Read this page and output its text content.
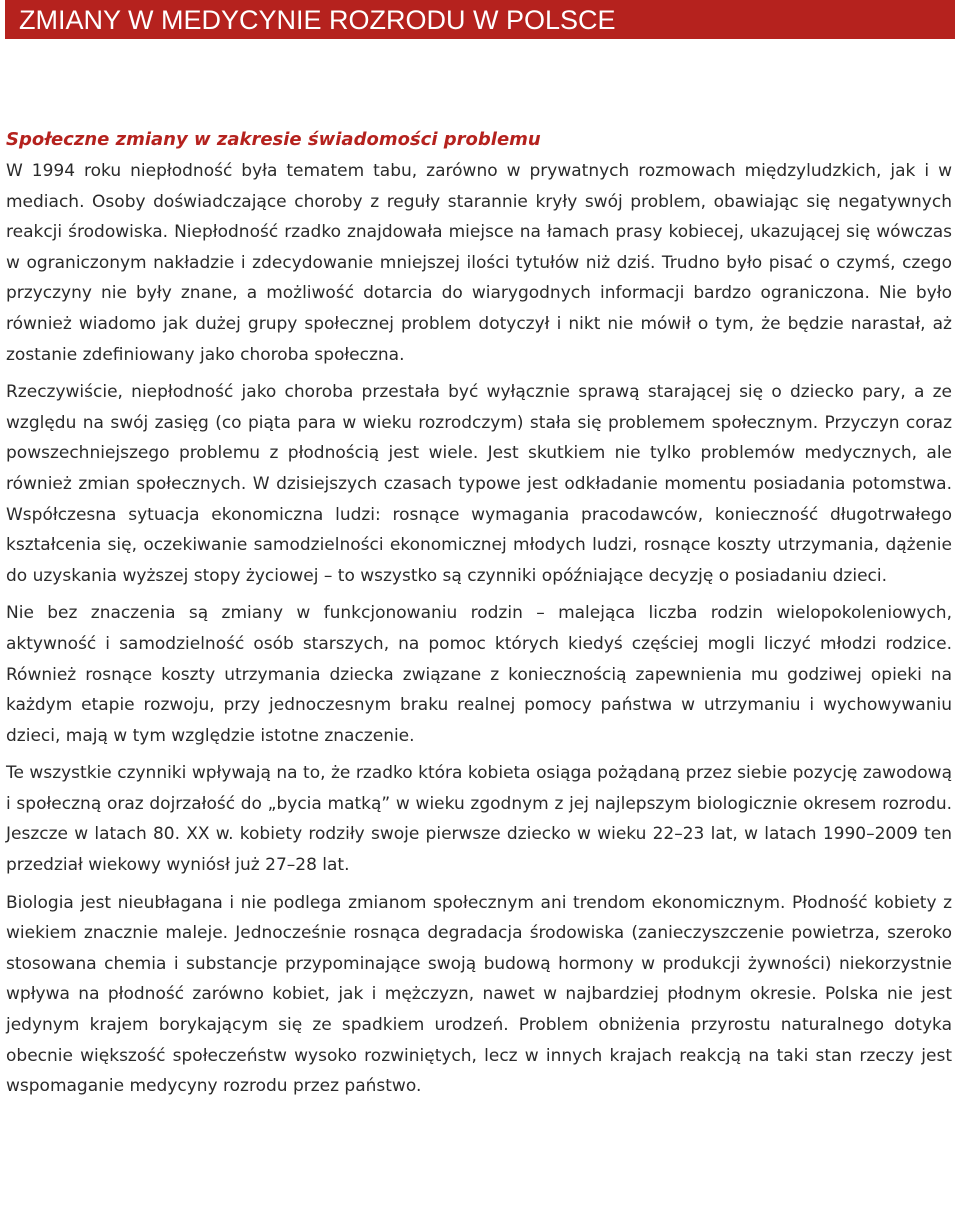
ZMIANY W MEDYCYNIE ROZRODU W POLSCE
Społeczne zmiany w zakresie świadomości problemu

W 1994 roku niepłodność była tematem tabu, zarówno w prywatnych rozmowach międzyludzkich, jak i w mediach. Osoby doświadczające choroby z reguły starannie kryły swój problem, obawiając się negatywnych reakcji środowiska. Niepłodność rzadko znajdowała miejsce na łamach prasy kobiecej, ukazującej się wówczas w ograniczonym nakładzie i zdecydowanie mniejszej ilości tytułów niż dziś. Trudno było pisać o czymś, czego przyczyny nie były znane, a możliwość dotarcia do wiarygodnych informacji bardzo ograniczona. Nie było również wiadomo jak dużej grupy społecznej problem dotyczył i nikt nie mówił o tym, że będzie narastał, aż zostanie zdefiniowany jako choroba społeczna.

Rzeczywiście, niepłodność jako choroba przestała być wyłącznie sprawą starającej się o dziecko pary, a ze względu na swój zasięg (co piąta para w wieku rozrodczym) stała się problemem społecznym. Przyczyn coraz powszechniejszego problemu z płodnością jest wiele. Jest skutkiem nie tylko problemów medycznych, ale również zmian społecznych. W dzisiejszych czasach typowe jest odkładanie momentu posiadania potomstwa. Współczesna sytuacja ekonomiczna ludzi: rosnące wymagania pracodawców, konieczność długotrwałego kształcenia się, oczekiwanie samodzielności ekonomicznej młodych ludzi, rosnące koszty utrzymania, dążenie do uzyskania wyższej stopy życiowej – to wszystko są czynniki opóźniające decyzję o posiadaniu dzieci.

Nie bez znaczenia są zmiany w funkcjonowaniu rodzin – malejąca liczba rodzin wielopokoleniowych, aktywność i samodzielność osób starszych, na pomoc których kiedyś częściej mogli liczyć młodzi rodzice. Również rosnące koszty utrzymania dziecka związane z koniecznością zapewnienia mu godziwej opieki na każdym etapie rozwoju, przy jednoczesnym braku realnej pomocy państwa w utrzymaniu i wychowywaniu dzieci, mają w tym względzie istotne znaczenie.

Te wszystkie czynniki wpływają na to, że rzadko która kobieta osiąga pożądaną przez siebie pozycję zawodową i społeczną oraz dojrzałość do „bycia matką” w wieku zgodnym z jej najlepszym biologicznie okresem rozrodu. Jeszcze w latach 80. XX w. kobiety rodziły swoje pierwsze dziecko w wieku 22–23 lat, w latach 1990–2009 ten przedział wiekowy wyniósł już 27–28 lat.

Biologia jest nieubłagana i nie podlega zmianom społecznym ani trendom ekonomicznym. Płodność kobiety z wiekiem znacznie maleje. Jednocześnie rosnąca degradacja środowiska (zanieczyszczenie powietrza, szeroko stosowana chemia i substancje przypominające swoją budową hormony w produkcji żywności) niekorzystnie wpływa na płodność zarówno kobiet, jak i mężczyzn, nawet w najbardziej płodnym okresie. Polska nie jest jedynym krajem borykającym się ze spadkiem urodzeń. Problem obniżenia przyrostu naturalnego dotyka obecnie większość społeczeństw wysoko rozwiniętych, lecz w innych krajach reakcją na taki stan rzeczy jest wspomaganie medycyny rozrodu przez państwo.
